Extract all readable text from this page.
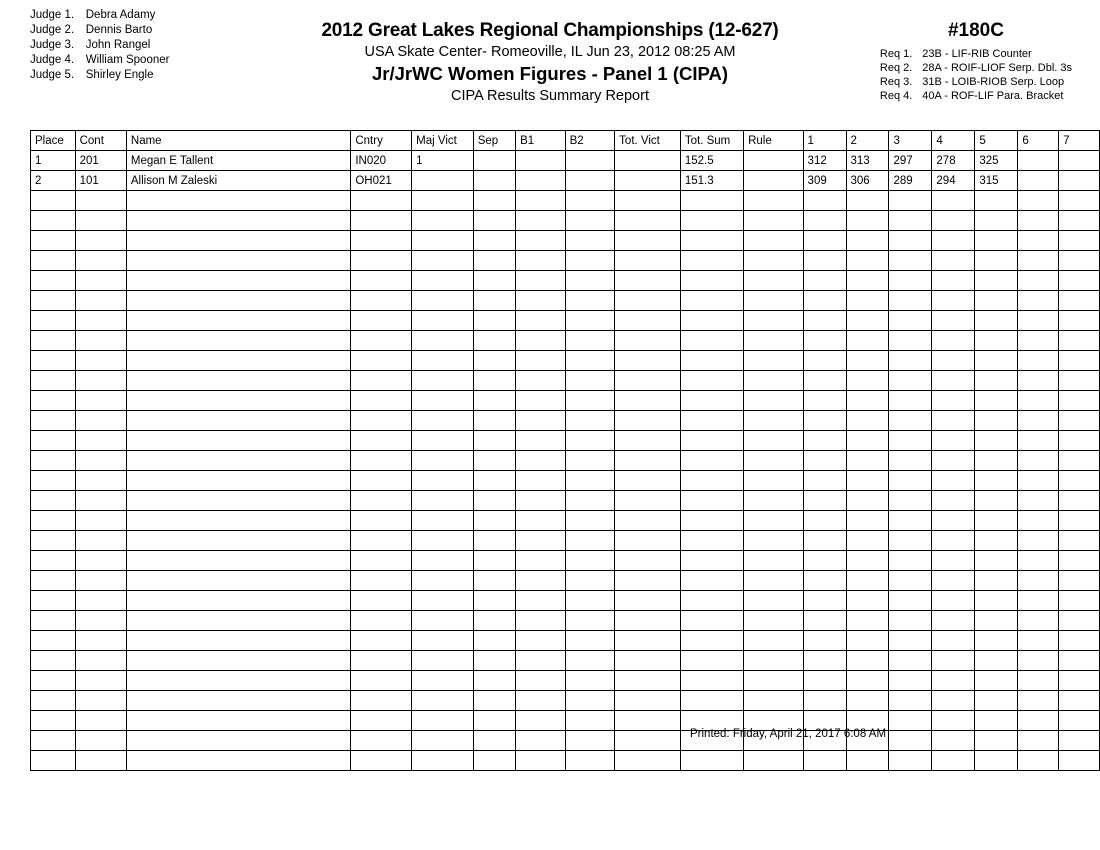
Judge 1. Debra Adamy
Judge 2. Dennis Barto
Judge 3. John Rangel
Judge 4. William Spooner
Judge 5. Shirley Engle
2012 Great Lakes Regional Championships (12-627)
USA Skate Center- Romeoville, IL Jun 23, 2012 08:25 AM
Jr/JrWC Women Figures - Panel 1 (CIPA)
CIPA Results Summary Report
#180C
Req 1. 23B - LIF-RIB Counter
Req 2. 28A - ROIF-LIOF Serp. Dbl. 3s
Req 3. 31B - LOIB-RIOB Serp. Loop
Req 4. 40A - ROF-LIF Para. Bracket
Place	Cont	Name	Cntry	Maj Vict	Sep	B1	B2	Tot. Vict	Tot. Sum	Rule	1	2	3	4	5	6	7
1	201	Megan E Tallent	IN020	1					152.5		312	313	297	278	325		
2	101	Allison M Zaleski	OH021						151.3		309	306	289	294	315		

Printed: Friday, April 21, 2017 6:08 AM
